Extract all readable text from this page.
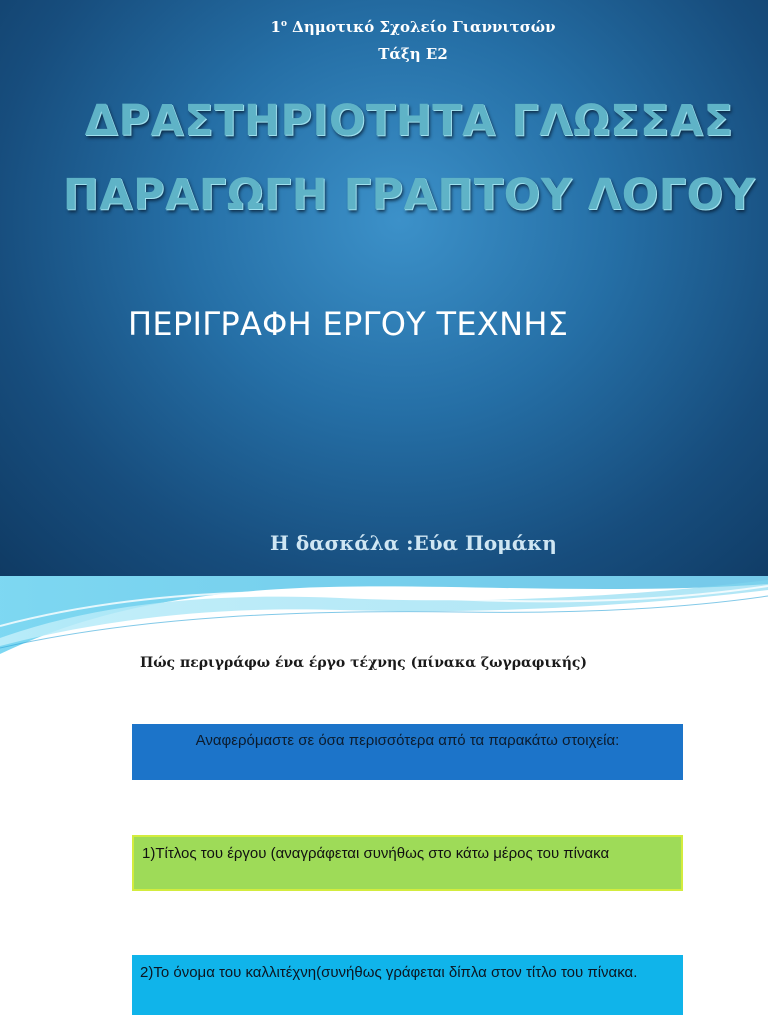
$1^o$ Δημοτικό Σχολείο Γιαννιτσών
Τάξη Ε2
ΔΡΑΣΤΗΡΙΟΤΗΤΑ ΓΛΩΣΣΑΣ
ΠΑΡΑΓΩΓΗ ΓΡΑΠΤΟΥ ΛΟΓΟΥ
ΠΕΡΙΓΡΑΦΗ ΕΡΓΟΥ ΤΕΧΝΗΣ
Η δασκάλα :Εύα Πομάκη
Πώς περιγράφω ένα έργο τέχνης (πίνακα ζωγραφικής)
Αναφερόμαστε σε όσα περισσότερα από τα παρακάτω στοιχεία:
1)Τίτλος του έργου (αναγράφεται συνήθως στο κάτω μέρος του πίνακα
2)Το όνομα του καλλιτέχνη(συνήθως γράφεται δίπλα στον τίτλο του πίνακα.
